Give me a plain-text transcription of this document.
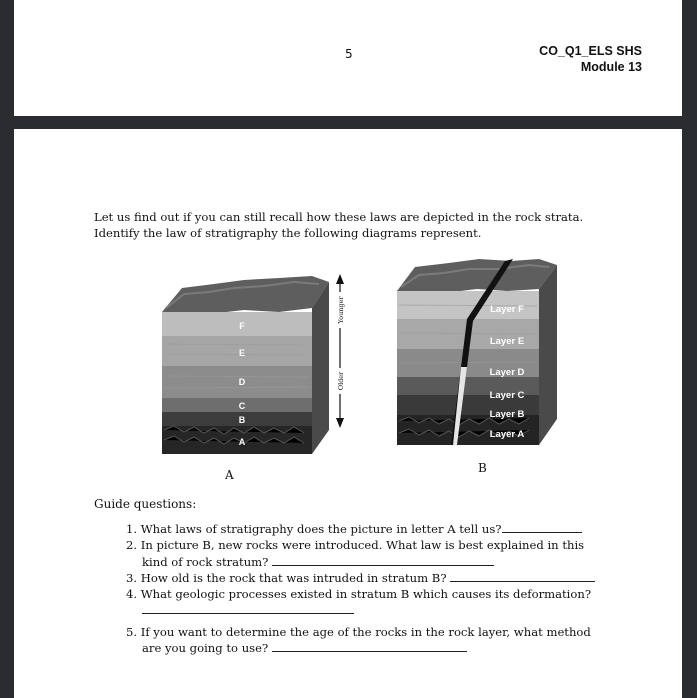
5	CO_Q1_ELS SHS
Module 13
Let us find out if you can still recall how these laws are depicted in the rock strata.
Identify the law of stratigraphy the following diagrams represent.
F
E
D
C
B
A
Younger
Older
A
Layer F
Layer E
Layer D
Layer C
Layer B
Layer A
B
Guide questions:
1. What laws of stratigraphy does the picture in letter A tell us?
2. In picture B, new rocks were introduced. What law is best explained in this
kind of rock stratum?
3. How old is the rock that was intruded in stratum B?
4. What geologic processes existed in stratum B which causes its deformation?
5. If you want to determine the age of the rocks in the rock layer, what method
are you going to use?
